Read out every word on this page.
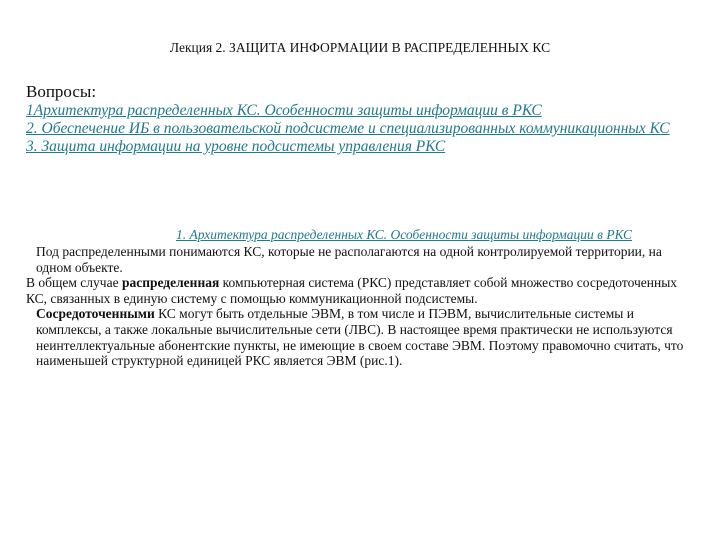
Лекция 2. ЗАЩИТА ИНФОРМАЦИИ В РАСПРЕДЕЛЕННЫХ КС
Вопросы:
1Архитектура распределенных КС. Особенности защиты информации в РКС
2. Обеспечение ИБ в пользовательской подсистеме и специализированных коммуникационных КС
3. Защита информации на уровне подсистемы управления РКС
1. Архитектура распределенных КС. Особенности защиты информации в РКС

Под распределенными понимаются КС, которые не располагаются на одной контролируемой территории, на одном объекте.

В общем случае распределенная компьютерная система (РКС) представляет собой множество сосредоточенных КС, связанных в единую систему с помощью коммуникационной подсистемы.

Сосредоточенными КС могут быть отдельные ЭВМ, в том числе и ПЭВМ, вычислительные системы и комплексы, а также локальные вычислительные сети (ЛВС). В настоящее время практически не используются неинтеллектуальные абонентские пункты, не имеющие в своем составе ЭВМ. Поэтому правомочно считать, что наименьшей структурной единицей РКС является ЭВМ (рис.1).
